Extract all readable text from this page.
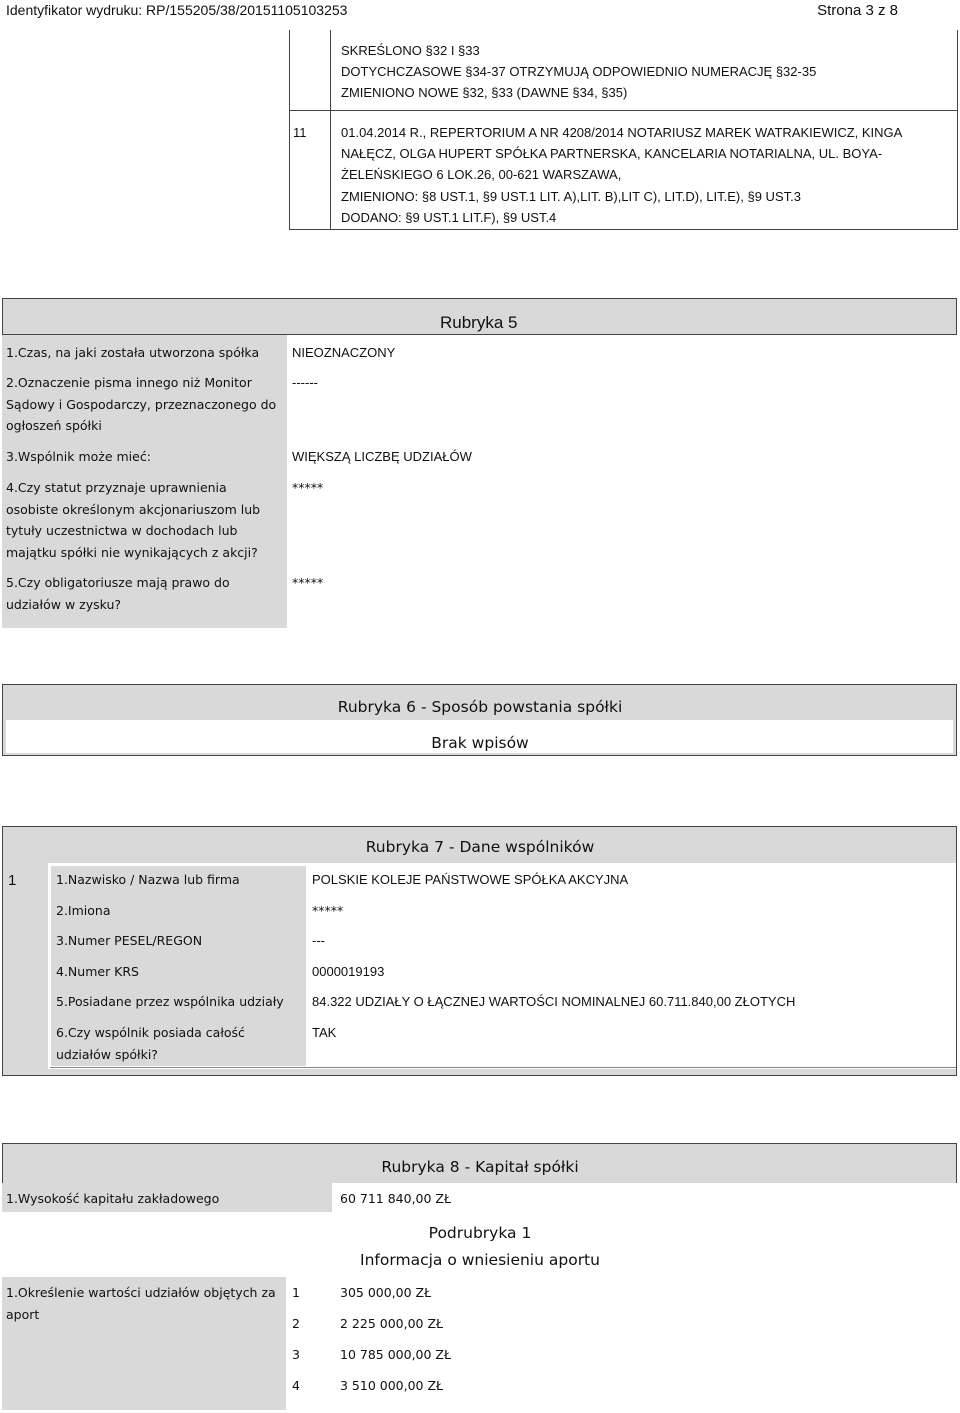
Identyfikator wydruku: RP/155205/38/20151105103253	Strona 3 z 8
SKREŚLONO §32 I §33
DOTYCHCZASOWE §34-37 OTRZYMUJĄ ODPOWIEDNIO NUMERACJĘ §32-35
ZMIENIONO NOWE §32, §33 (DAWNE §34, §35)
11	01.04.2014 R., REPERTORIUM A NR 4208/2014 NOTARIUSZ MAREK WATRAKIEWICZ, KINGA
NAŁĘCZ, OLGA HUPERT SPÓŁKA PARTNERSKA, KANCELARIA NOTARIALNA, UL. BOYA-
ŻELEŃSKIEGO 6 LOK.26, 00-621 WARSZAWA,
ZMIENIONO: §8 UST.1, §9 UST.1 LIT. A),LIT. B),LIT C), LIT.D), LIT.E), §9 UST.3
DODANO: §9 UST.1 LIT.F), §9 UST.4
Rubryka 5
1.Czas, na jaki została utworzona spółka	NIEOZNACZONY
2.Oznaczenie pisma innego niż Monitor Sądowy i Gospodarczy, przeznaczonego do ogłoszeń spółki
------
3.Wspólnik może mieć:	WIĘKSZĄ LICZBĘ UDZIAŁÓW
4.Czy statut przyznaje uprawnienia osobiste określonym akcjonariuszom lub tytuły uczestnictwa w dochodach lub majątku spółki nie wynikających z akcji?
*****
5.Czy obligatoriusze mają prawo do udziałów w zysku?
*****
Rubryka 6 - Sposób powstania spółki
Brak wpisów
Rubryka 7 - Dane wspólników
1	1.Nazwisko / Nazwa lub firma	POLSKIE KOLEJE PAŃSTWOWE SPÓŁKA AKCYJNA
2.Imiona	*****
3.Numer PESEL/REGON	---
4.Numer KRS	0000019193
5.Posiadane przez wspólnika udziały 84.322 UDZIAŁY O ŁĄCZNEJ WARTOŚCI NOMINALNEJ 60.711.840,00 ZŁOTYCH
6.Czy wspólnik posiada całość udziałów spółki?
TAK
Rubryka 8 - Kapitał spółki
1.Wysokość kapitału zakładowego	60 711 840,00 ZŁ
Podrubryka 1
Informacja o wniesieniu aportu
1.Określenie wartości udziałów objętych za aport
1	305 000,00 ZŁ
2	2 225 000,00 ZŁ
3	10 785 000,00 ZŁ
4	3 510 000,00 ZŁ
